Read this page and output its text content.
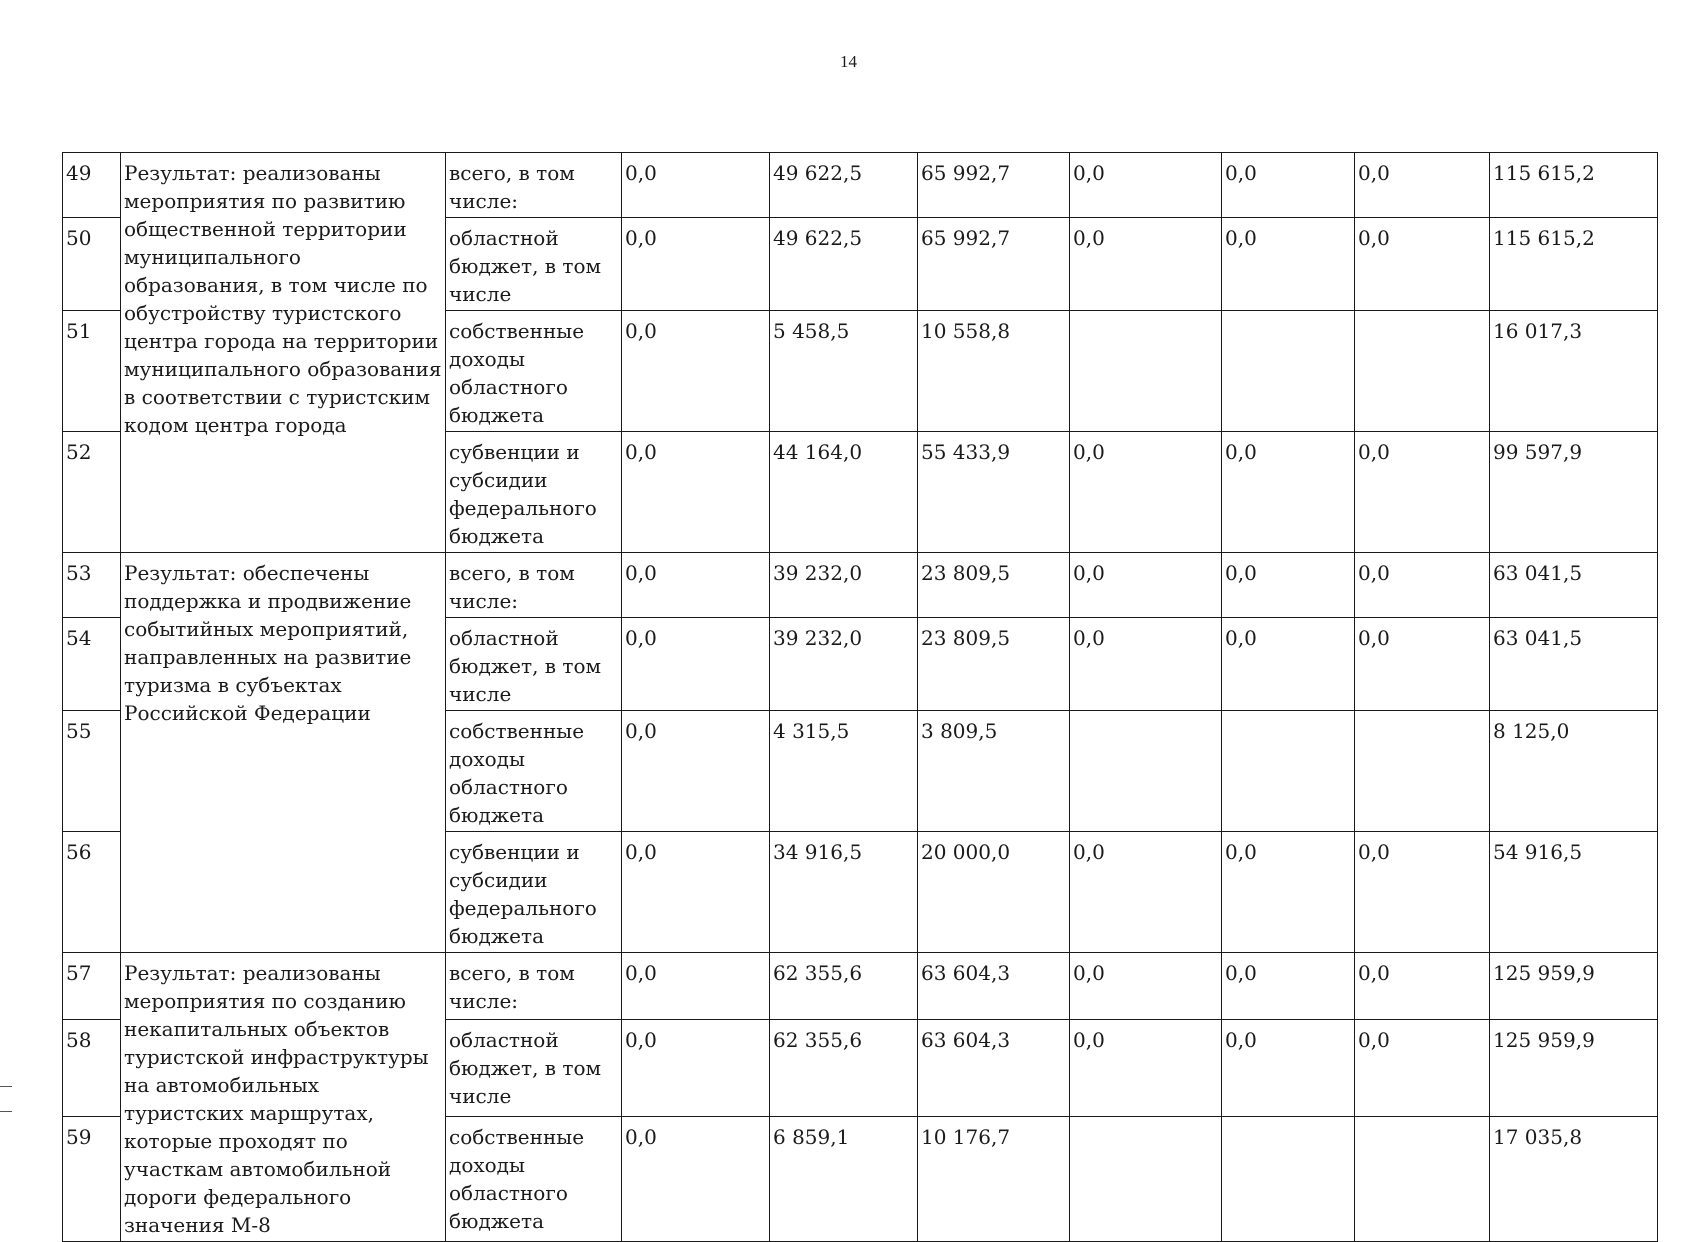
14
49	Результат: реализованы мероприятия по развитию общественной территории муниципального образования, в том числе по обустройству туристского центра города на территории муниципального образования в соответствии с туристским кодом центра города	всего, в том числе:	0,0	49 622,5	65 992,7	0,0	0,0	0,0	115 615,2
50		областной бюджет, в том числе	0,0	49 622,5	65 992,7	0,0	0,0	0,0	115 615,2
51		собственные доходы областного бюджета	0,0	5 458,5	10 558,8				16 017,3
52		субвенции и субсидии федерального бюджета	0,0	44 164,0	55 433,9	0,0	0,0	0,0	99 597,9
53	Результат: обеспечены поддержка и продвижение событийных мероприятий, направленных на развитие туризма в субъектах Российской Федерации	всего, в том числе:	0,0	39 232,0	23 809,5	0,0	0,0	0,0	63 041,5
54		областной бюджет, в том числе	0,0	39 232,0	23 809,5	0,0	0,0	0,0	63 041,5
55		собственные доходы областного бюджета	0,0	4 315,5	3 809,5				8 125,0
56		субвенции и субсидии федерального бюджета	0,0	34 916,5	20 000,0	0,0	0,0	0,0	54 916,5
57	Результат: реализованы мероприятия по созданию некапитальных объектов туристской инфраструктуры на автомобильных туристских маршрутах, которые проходят по участкам автомобильной дороги федерального значения М-8	всего, в том числе:	0,0	62 355,6	63 604,3	0,0	0,0	0,0	125 959,9
58		областной бюджет, в том числе	0,0	62 355,6	63 604,3	0,0	0,0	0,0	125 959,9
59		собственные доходы областного бюджета	0,0	6 859,1	10 176,7				17 035,8
